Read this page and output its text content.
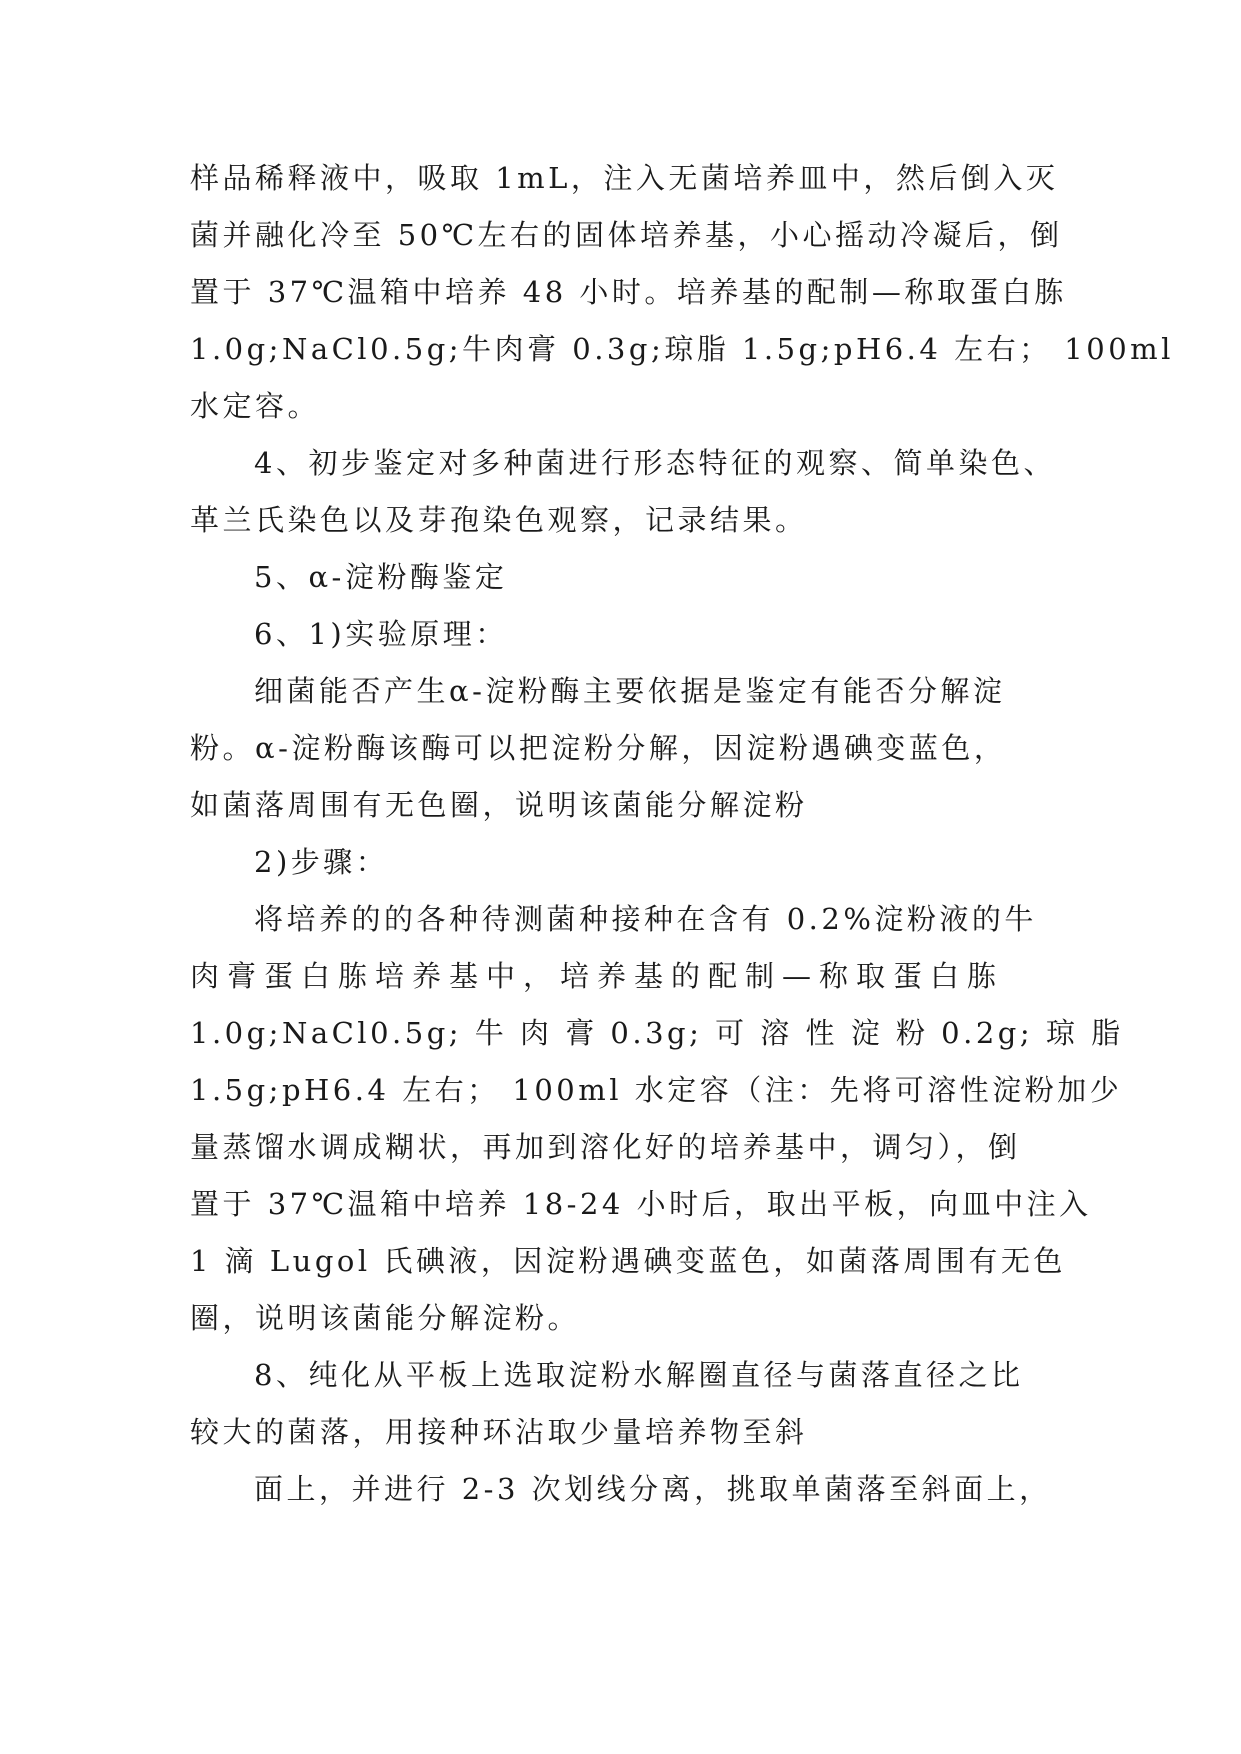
样品稀释液中，吸取 1mL，注入无菌培养皿中，然后倒入灭
菌并融化冷至 50℃左右的固体培养基，小心摇动冷凝后，倒
置于 37℃温箱中培养 48 小时。培养基的配制—称取蛋白胨
1.0g;NaCl0.5g;牛肉膏 0.3g;琼脂 1.5g;pH6.4 左右； 100ml
水定容。
4、初步鉴定对多种菌进行形态特征的观察、简单染色、
革兰氏染色以及芽孢染色观察，记录结果。
5、α-淀粉酶鉴定
6、1)实验原理：
细菌能否产生α-淀粉酶主要依据是鉴定有能否分解淀
粉。α-淀粉酶该酶可以把淀粉分解，因淀粉遇碘变蓝色，
如菌落周围有无色圈，说明该菌能分解淀粉
2)步骤：
将培养的的各种待测菌种接种在含有 0.2%淀粉液的牛
肉膏蛋白胨培养基中，培养基的配制—称取蛋白胨
1.0g;NaCl0.5g; 牛 肉 膏 0.3g; 可 溶 性 淀 粉 0.2g; 琼 脂
1.5g;pH6.4 左右； 100ml 水定容（注：先将可溶性淀粉加少
量蒸馏水调成糊状，再加到溶化好的培养基中，调匀），倒
置于 37℃温箱中培养 18-24 小时后，取出平板，向皿中注入
1 滴 Lugol 氏碘液，因淀粉遇碘变蓝色，如菌落周围有无色
圈，说明该菌能分解淀粉。
8、纯化从平板上选取淀粉水解圈直径与菌落直径之比
较大的菌落，用接种环沾取少量培养物至斜
面上，并进行 2-3 次划线分离，挑取单菌落至斜面上，
